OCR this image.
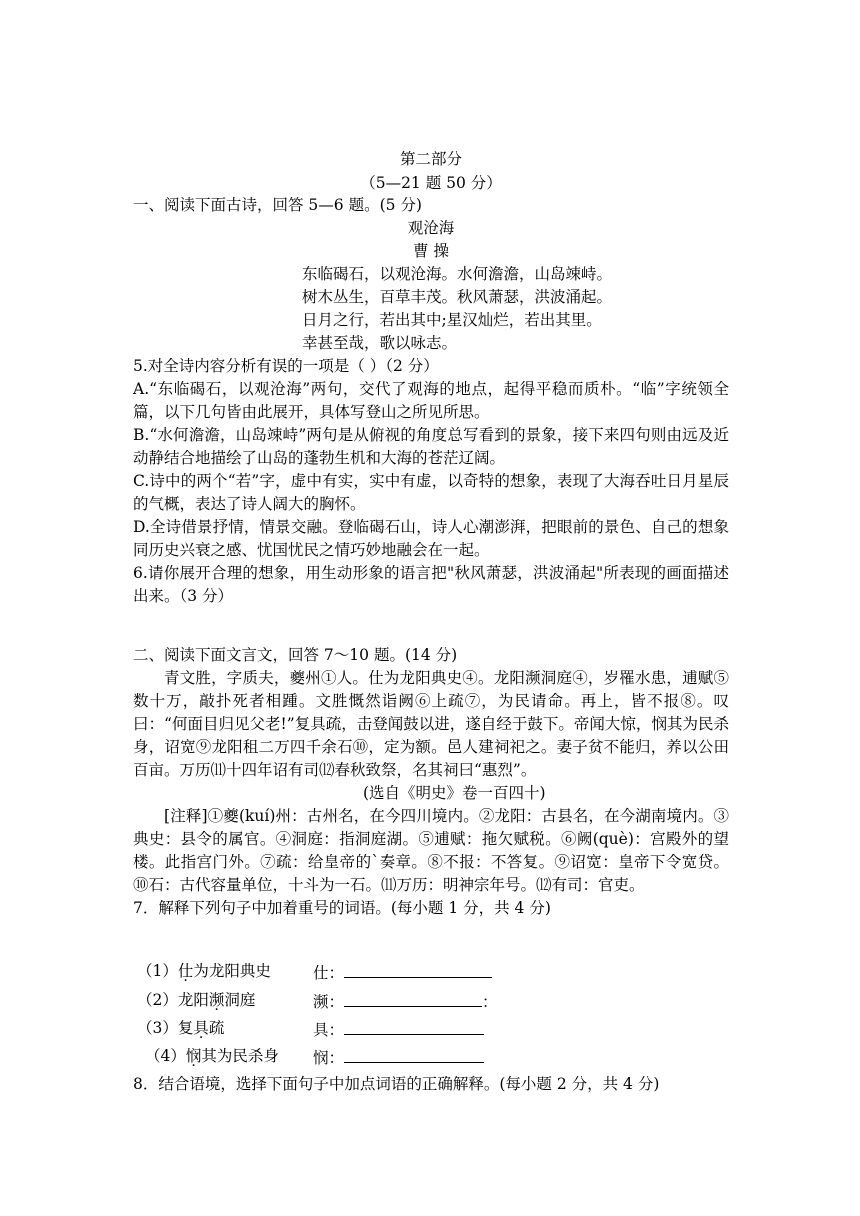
第二部分
（5—21 题 50 分）
一、阅读下面古诗，回答 5—6 题。(5 分)
观沧海
曹 操
东临碣石，以观沧海。水何澹澹，山岛竦峙。
树木丛生，百草丰茂。秋风萧瑟，洪波涌起。
日月之行，若出其中;星汉灿烂，若出其里。
幸甚至哉，歌以咏志。

5.对全诗内容分析有误的一项是（ ）（2 分）

A.“东临碣石，以观沧海”两句，交代了观海的地点，起得平稳而质朴。“临”字统领全篇，以下几句皆由此展开，具体写登山之所见所思。

B.“水何澹澹，山岛竦峙”两句是从俯视的角度总写看到的景象，接下来四句则由远及近动静结合地描绘了山岛的蓬勃生机和大海的苍茫辽阔。

C.诗中的两个“若”字，虚中有实，实中有虚，以奇特的想象，表现了大海吞吐日月星辰的气概，表达了诗人阔大的胸怀。

D.全诗借景抒情，情景交融。登临碣石山，诗人心潮澎湃，把眼前的景色、自己的想象同历史兴衰之感、忧国忧民之情巧妙地融会在一起。

6.请你展开合理的想象，用生动形象的语言把"秋风萧瑟，洪波涌起"所表现的画面描述出来。（3 分）

二、阅读下面文言文，回答 7～10 题。(14 分)

青文胜，字质夫，夔州①人。仕为龙阳典史④。龙阳濒洞庭④，岁罹水患，逋赋⑤数十万，敲扑死者相踵。文胜慨然诣阙⑥上疏⑦，为民请命。再上，皆不报⑧。叹曰：“何面目归见父老!”复具疏，击登闻鼓以进，遂自经于鼓下。帝闻大惊，悯其为民杀身，诏宽⑨龙阳租二万四千余石⑩，定为额。邑人建祠祀之。妻子贫不能归，养以公田百亩。万历⑾十四年诏有司⑿春秋致祭，名其祠曰“惠烈”。

(选自《明史》卷一百四十)

[注释]①夔(kuí)州：古州名，在今四川境内。②龙阳：古县名，在今湖南境内。③典史：县令的属官。④洞庭：指洞庭湖。⑤逋赋：拖欠赋税。⑥阙(què)：宫殿外的望楼。此指宫门外。⑦疏：给皇帝的`奏章。⑧不报：不答复。⑨诏宽：皇帝下令宽贷。⑩石：古代容量单位，十斗为一石。⑾万历：明神宗年号。⑿有司：官吏。

7．解释下列句子中加着重号的词语。(每小题 1 分，共 4 分)

（1）仕为龙阳典史	仕：
（2）龙阳濒洞庭	濒：	：
（3）复具疏	具：
（4）悯其为民杀身 悯：
8．结合语境，选择下面句子中加点词语的正确解释。(每小题 2 分，共 4 分)
